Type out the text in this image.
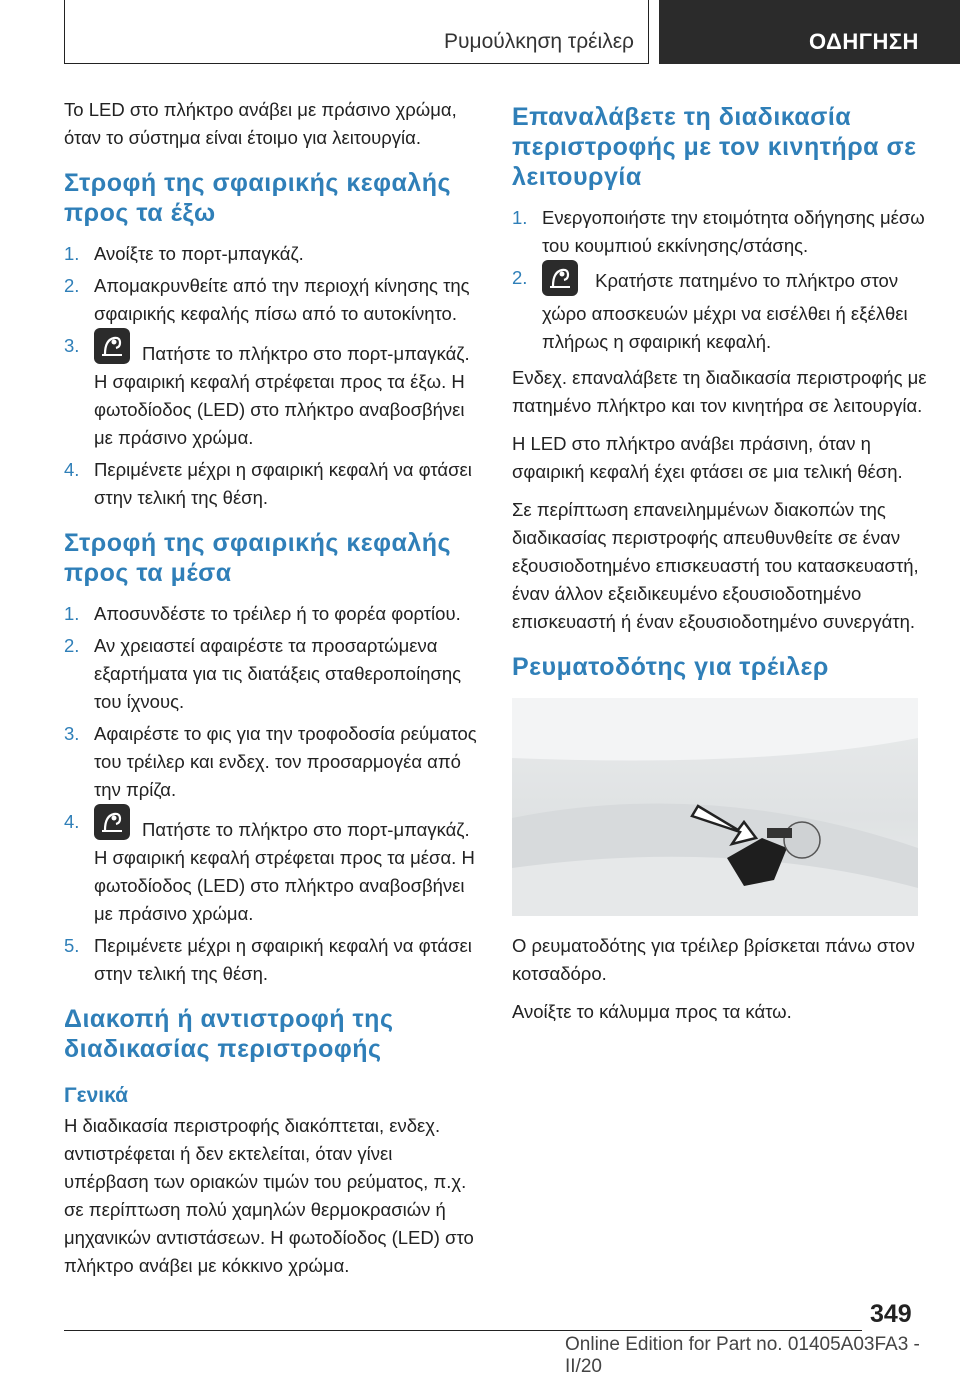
Ρυμούλκηση τρέιλερ	ΟΔΗΓΗΣΗ

Το LED στο πλήκτρο ανάβει με πράσινο χρώμα, όταν το σύστημα είναι έτοιμο για λειτουργία.

Στροφή της σφαιρικής κεφαλής προς τα έξω
1. Ανοίξτε το πορτ-μπαγκάζ.
2. Απομακρυνθείτε από την περιοχή κίνησης της σφαιρικής κεφαλής πίσω από το αυτοκίνητο.
3.	Πατήστε το πλήκτρο στο πορτ-μπαγκάζ.
Η σφαιρική κεφαλή στρέφεται προς τα έξω. Η φωτοδίοδος (LED) στο πλήκτρο αναβοσβήνει με πράσινο χρώμα.
4. Περιμένετε μέχρι η σφαιρική κεφαλή να φτάσει στην τελική της θέση.
Στροφή της σφαιρικής κεφαλής προς τα μέσα
1. Αποσυνδέστε το τρέιλερ ή το φορέα φορτίου.
2. Αν χρειαστεί αφαιρέστε τα προσαρτώμενα εξαρτήματα για τις διατάξεις σταθεροποίησης του ίχνους.
3. Αφαιρέστε το φις για την τροφοδοσία ρεύματος του τρέιλερ και ενδεχ. τον προσαρμογέα από την πρίζα.
4.	Πατήστε το πλήκτρο στο πορτ-μπαγκάζ.
Η σφαιρική κεφαλή στρέφεται προς τα μέσα. Η φωτοδίοδος (LED) στο πλήκτρο αναβοσβήνει με πράσινο χρώμα.
5. Περιμένετε μέχρι η σφαιρική κεφαλή να φτάσει στην τελική της θέση.
Διακοπή ή αντιστροφή της διαδικασίας περιστροφής
Γενικά

Η διαδικασία περιστροφής διακόπτεται, ενδεχ. αντιστρέφεται ή δεν εκτελείται, όταν γίνει υπέρβαση των οριακών τιμών του ρεύματος, π.χ. σε περίπτωση πολύ χαμηλών θερμοκρασιών ή μηχανικών αντιστάσεων. Η φωτοδίοδος (LED) στο πλήκτρο ανάβει με κόκκινο χρώμα.

Επαναλάβετε τη διαδικασία περιστροφής με τον κινητήρα σε λειτουργία
1. Ενεργοποιήστε την ετοιμότητα οδήγησης μέσω του κουμπιού εκκίνησης/στάσης.
2.	Κρατήστε πατημένο το πλήκτρο στον χώρο αποσκευών μέχρι να εισέλθει ή εξέλθει πλήρως η σφαιρική κεφαλή.

Ενδεχ. επαναλάβετε τη διαδικασία περιστροφής με πατημένο πλήκτρο και τον κινητήρα σε λειτουργία.

Η LED στο πλήκτρο ανάβει πράσινη, όταν η σφαιρική κεφαλή έχει φτάσει σε μια τελική θέση.

Σε περίπτωση επανειλημμένων διακοπών της διαδικασίας περιστροφής απευθυνθείτε σε έναν εξουσιοδοτημένο επισκευαστή του κατασκευαστή, έναν άλλον εξειδικευμένο εξουσιοδοτημένο επισκευαστή ή έναν εξουσιοδοτημένο συνεργάτη.

Ρευματοδότης για τρέιλερ

Ο ρευματοδότης για τρέιλερ βρίσκεται πάνω στον κοτσαδόρο.

Ανοίξτε το κάλυμμα προς τα κάτω.

349
Online Edition for Part no. 01405A03FA3 - II/20
